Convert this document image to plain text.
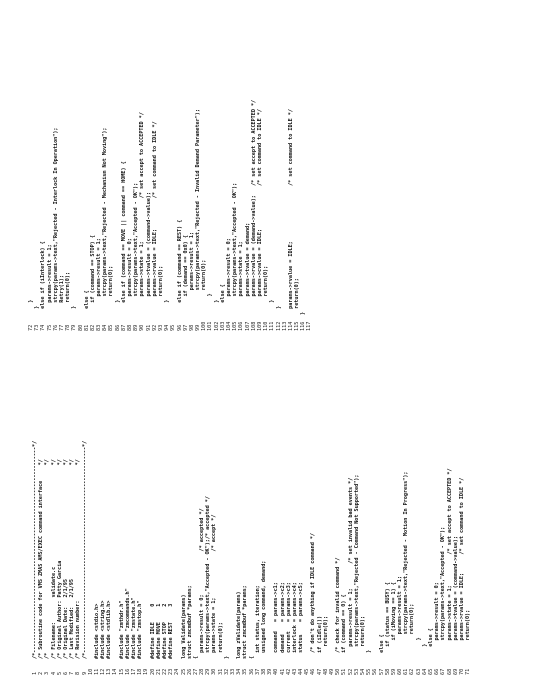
1/*-------------------------------------------------------------------*/
2/* Subroutine code for VMS ZMAS AMS/EXEC command interface     */
3/*                                                             */
4/* Filename:        validate.c                                 */
5/* Original Author: Patty Garcia                               */
6/* Original Date:   2/1/95                                     */
7/* Last Modified:   2/1/95                                     */
8/* Revision number:                                            */
9/*-------------------------------------------------------------------*/
10 11#include <stdio.h>
12#include <string.h>
13#include <stdlib.h>
14 15#include "zmthdr.h"
16#include "zmcommands.h"
17#include "zmstate.h"
18#include "zmstop.h"
19 20#define IDLE     0
21#define MOVE     1
22#define STOP     2
23#define REST     3
24 25long Validate(params)
26struct zmcmdbuf *params;
27{
28  params->result = 0;              /* accepted */
29  strcpy(params->text,"Accepted - OK");/* accepted */
30  params->state = 1;               /* accept */
31  return(0);
32}
33 34long zValidate(params)
35struct zmcmdbuf *params;
36{
37  int status, iteration;
38  unsigned long command, demand;
39 40  command   = params->c1;
41  demand    = params->c2;
42  current   = params->c3;
43  interlock = params->c4;
44  status    = params->c5;
45 46  /* don't do anything if IDLE command */
47  if (iIdle())
48    return(0);
49 50  /* check for invalid command */
51  if (command == 0) {
52    params->result = 1;        /* set invalid bad events */
53    strcpy(params->text,"Rejected - Command Not Supported");
54    return(0);
55  }
56 57  else {
58    if (status == BUSY) {
59      if (iMoving == 1) {
60        params->result = 1;
61        strcpy(params->text,"Rejected - Motion In Progress");
62        return(0);
63      }
64    }
65    else {
66      params->result = 0;
67      strcpy(params->text,"Accepted - OK");
68      params->state = 1;          /* set accept to ACCEPTED */
69      params->tvalue = (command->value);
70      params->rvalue = IDLE;      /* set command to IDLE */
71      return(0);
72    }
73  }
74  else if (iInterlock) {
75    params->result = 1;
76    strcpy(params->text,"Rejected - Interlock In Operation");
77    Retry(1);
78    return(0);
79  }
80 81  else {
82    if (command == STOP) {
83      params->result = 1;
84      strcpy(params->text,"Rejected - Mechanism Not Moving");
85      return(0);
86    }
87    else if (command == MOVE || command == HOME) {
88      params->result = 0;
89      strcpy(params->text,"Accepted - OK");
90      params->state = 1;              /* set accept to ACCEPTED */
91      params->tvalue = (command->value);
92      params->rvalue = IDLE;          /* set command to IDLE */
93      return(0);
94    }
95 96    else if (command == REST) {
97      if (demand == 0x0) {
98        params->result = 1;
99        strcpy(params->text,"Rejected - Invalid Demand Parameter");
100        return(0);
101      }
102    }
103    else {
104      params->result = 0;
105      strcpy(params->text,"Accepted - OK");
106      params->state = 1;
107      params->tvalue = demand;
108      params->rvalue = (demand->value);   /* set accept to ACCEPTED */
109      params->cvalue = IDLE;              /* set command to IDLE */
110      return(0);
111    }
112  }
113 114  params->rvalue = IDLE;                  /* set command to IDLE */
115  return(0);
116}
117
